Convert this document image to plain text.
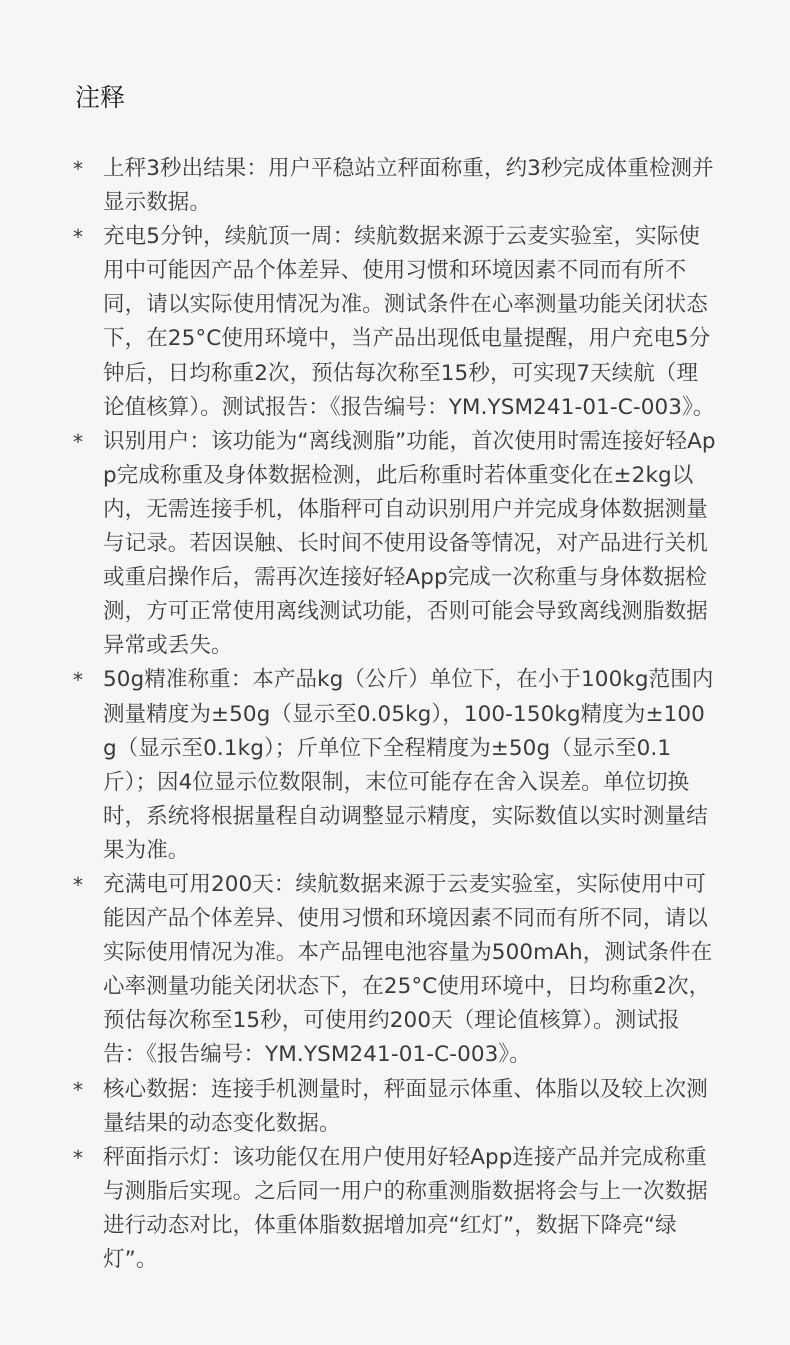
注释
* 上秤3秒出结果：用户平稳站立秤面称重，约3秒完成体重检测并显示数据。
* 充电5分钟，续航顶一周：续航数据来源于云麦实验室，实际使用中可能因产品个体差异、使用习惯和环境因素不同而有所不同，请以实际使用情况为准。测试条件在心率测量功能关闭状态下，在25°C使用环境中，当产品出现低电量提醒，用户充电5分钟后，日均称重2次，预估每次称至15秒，可实现7天续航（理论值核算）。测试报告：《报告编号：YM.YSM241-01-C-003》。
* 识别用户：该功能为“离线测脂”功能，首次使用时需连接好轻App完成称重及身体数据检测，此后称重时若体重变化在±2kg以内，无需连接手机，体脂秤可自动识别用户并完成身体数据测量与记录。若因误触、长时间不使用设备等情况，对产品进行关机或重启操作后，需再次连接好轻App完成一次称重与身体数据检测，方可正常使用离线测试功能，否则可能会导致离线测脂数据异常或丢失。
* 50g精准称重：本产品kg（公斤）单位下，在小于100kg范围内测量精度为±50g（显示至0.05kg），100-150kg精度为±100g（显示至0.1kg）；斤单位下全程精度为±50g（显示至0.1斤）；因4位显示位数限制，末位可能存在舍入误差。单位切换时，系统将根据量程自动调整显示精度，实际数值以实时测量结果为准。
* 充满电可用200天：续航数据来源于云麦实验室，实际使用中可能因产品个体差异、使用习惯和环境因素不同而有所不同，请以实际使用情况为准。本产品锂电池容量为500mAh，测试条件在心率测量功能关闭状态下，在25°C使用环境中，日均称重2次，预估每次称至15秒，可使用约200天（理论值核算）。测试报告：《报告编号：YM.YSM241-01-C-003》。
* 核心数据：连接手机测量时，秤面显示体重、体脂以及较上次测量结果的动态变化数据。
* 秤面指示灯：该功能仅在用户使用好轻App连接产品并完成称重与测脂后实现。之后同一用户的称重测脂数据将会与上一次数据进行动态对比，体重体脂数据增加亮“红灯”，数据下降亮“绿灯”。
